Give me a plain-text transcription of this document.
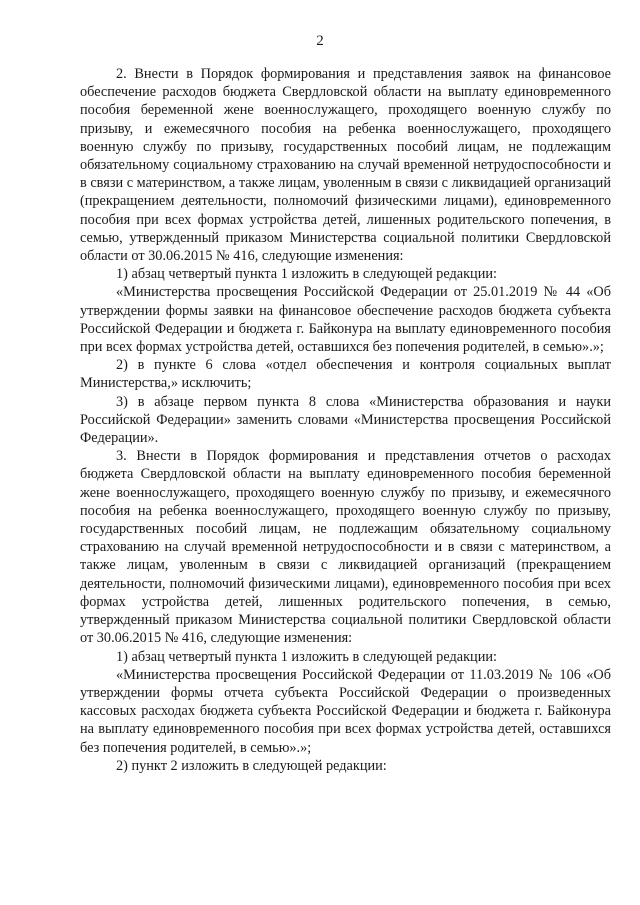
2

2. Внести в Порядок формирования и представления заявок на финансовое обеспечение расходов бюджета Свердловской области на выплату единовременного пособия беременной жене военнослужащего, проходящего военную службу по призыву, и ежемесячного пособия на ребенка военнослужащего, проходящего военную службу по призыву, государственных пособий лицам, не подлежащим обязательному социальному страхованию на случай временной нетрудоспособности и в связи с материнством, а также лицам, уволенным в связи с ликвидацией организаций (прекращением деятельности, полномочий физическими лицами), единовременного пособия при всех формах устройства детей, лишенных родительского попечения, в семью, утвержденный приказом Министерства социальной политики Свердловской области от 30.06.2015 № 416, следующие изменения:

1) абзац четвертый пункта 1 изложить в следующей редакции:

«Министерства просвещения Российской Федерации от 25.01.2019 № 44 «Об утверждении формы заявки на финансовое обеспечение расходов бюджета субъекта Российской Федерации и бюджета г. Байконура на выплату единовременного пособия при всех формах устройства детей, оставшихся без попечения родителей, в семью».»;

2) в пункте 6 слова «отдел обеспечения и контроля социальных выплат Министерства,» исключить;

3) в абзаце первом пункта 8 слова «Министерства образования и науки Российской Федерации» заменить словами «Министерства просвещения Российской Федерации».

3. Внести в Порядок формирования и представления отчетов о расходах бюджета Свердловской области на выплату единовременного пособия беременной жене военнослужащего, проходящего военную службу по призыву, и ежемесячного пособия на ребенка военнослужащего, проходящего военную службу по призыву, государственных пособий лицам, не подлежащим обязательному социальному страхованию на случай временной нетрудоспособности и в связи с материнством, а также лицам, уволенным в связи с ликвидацией организаций (прекращением деятельности, полномочий физическими лицами), единовременного пособия при всех формах устройства детей, лишенных родительского попечения, в семью, утвержденный приказом Министерства социальной политики Свердловской области от 30.06.2015 № 416, следующие изменения:

1) абзац четвертый пункта 1 изложить в следующей редакции:

«Министерства просвещения Российской Федерации от 11.03.2019 № 106 «Об утверждении формы отчета субъекта Российской Федерации о произведенных кассовых расходах бюджета субъекта Российской Федерации и бюджета г. Байконура на выплату единовременного пособия при всех формах устройства детей, оставшихся без попечения родителей, в семью».»;

2) пункт 2 изложить в следующей редакции:
